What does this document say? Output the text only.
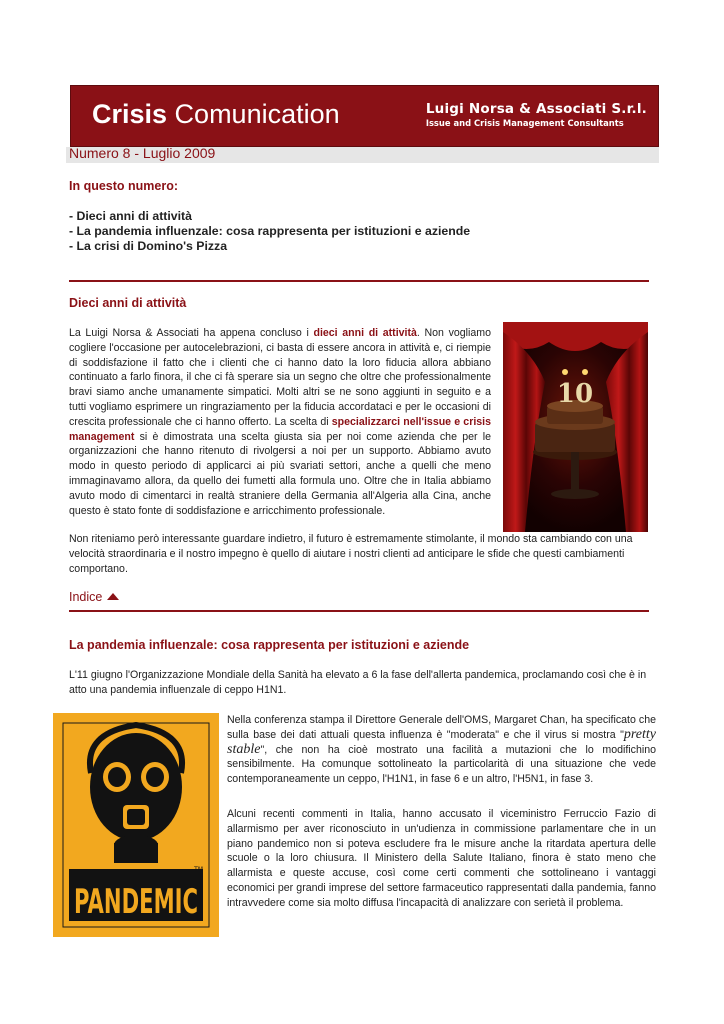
Crisis Comunication	Luigi Norsa & Associati S.r.l.
Issue and Crisis Management Consultants
Numero 8 - Luglio 2009
In questo numero:
- Dieci anni di attività
- La pandemia influenzale: cosa rappresenta per istituzioni e aziende
- La crisi di Domino's Pizza
Dieci anni di attività

La Luigi Norsa & Associati ha appena concluso i dieci anni di attività. Non vogliamo cogliere l'occasione per autocelebrazioni, ci basta di essere ancora in attività e, ci riempie di soddisfazione il fatto che i clienti che ci hanno dato la loro fiducia allora abbiano continuato a farlo finora, il che ci fà sperare sia un segno che oltre che professionalmente bravi siamo anche umanamente simpatici. Molti altri se ne sono aggiunti in seguito e a tutti vogliamo esprimere un ringraziamento per la fiducia accordataci e per le occasioni di crescita professionale che ci hanno offerto. La scelta di specializzarci nell'issue e crisis management si è dimostrata una scelta giusta sia per noi come azienda che per le organizzazioni che hanno ritenuto di rivolgersi a noi per un supporto. Abbiamo avuto modo in questo periodo di applicarci ai più svariati settori, anche a quelli che meno immaginavamo allora, da quello dei fumetti alla formula uno. Oltre che in Italia abbiamo avuto modo di cimentarci in realtà straniere della Germania all'Algeria alla Cina, anche questo è stato fonte di soddisfazione e arricchimento professionale.

Non riteniamo però interessante guardare indietro, il futuro è estremamente stimolante, il mondo sta cambiando con una velocità straordinaria e il nostro impegno è quello di aiutare i nostri clienti ad anticipare le sfide che questi cambiamenti comportano.

10
Indice
La pandemia influenzale: cosa rappresenta per istituzioni e aziende

L'11 giugno l'Organizzazione Mondiale della Sanità ha elevato a 6 la fase dell'allerta pandemica, proclamando così che è in atto una pandemia influenzale di ceppo H1N1.

PANDEMIC
TM

Nella conferenza stampa il Direttore Generale dell'OMS, Margaret Chan, ha specificato che sulla base dei dati attuali questa influenza è "moderata" e che il virus si mostra "pretty stable", che non ha cioè mostrato una facilità a mutazioni che lo modifichino sensibilmente. Ha comunque sottolineato la particolarità di una situazione che vede contemporaneamente un ceppo, l'H1N1, in fase 6 e un altro, l'H5N1, in fase 3.

Alcuni recenti commenti in Italia, hanno accusato il viceministro Ferruccio Fazio di allarmismo per aver riconosciuto in un'udienza in commissione parlamentare che in un piano pandemico non si poteva escludere fra le misure anche la ritardata apertura delle scuole o la loro chiusura. Il Ministero della Salute Italiano, finora è stato meno che allarmista e queste accuse, così come certi commenti che sottolineano i vantaggi economici per grandi imprese del settore farmaceutico rappresentati dalla pandemia, fanno intravvedere come sia molto diffusa l'incapacità di analizzare con serietà il problema.
